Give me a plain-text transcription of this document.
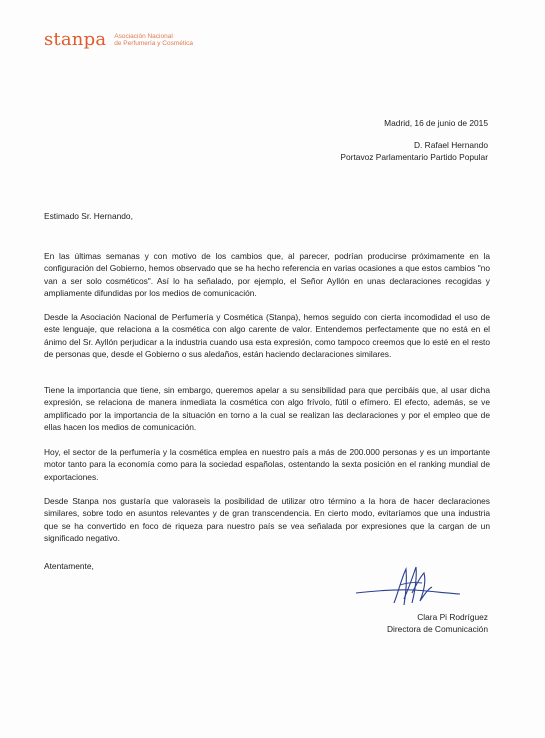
stanpa Asociación Nacional
de Perfumería y Cosmética
Madrid, 16 de junio de 2015
D. Rafael Hernando
Portavoz Parlamentario Partido Popular
Estimado Sr. Hernando,
En las últimas semanas y con motivo de los cambios que, al parecer, podrían producirse próximamente en la configuración del Gobierno, hemos observado que se ha hecho referencia en varias ocasiones a que estos cambios "no van a ser solo cosméticos". Así lo ha señalado, por ejemplo, el Señor Ayllón en unas declaraciones recogidas y ampliamente difundidas por los medios de comunicación.
Desde la Asociación Nacional de Perfumería y Cosmética (Stanpa), hemos seguido con cierta incomodidad el uso de este lenguaje, que relaciona a la cosmética con algo carente de valor. Entendemos perfectamente que no está en el ánimo del Sr. Ayllón perjudicar a la industria cuando usa esta expresión, como tampoco creemos que lo esté en el resto de personas que, desde el Gobierno o sus aledaños, están haciendo declaraciones similares.
Tiene la importancia que tiene, sin embargo, queremos apelar a su sensibilidad para que percibáis que, al usar dicha expresión, se relaciona de manera inmediata la cosmética con algo frívolo, fútil o efímero. El efecto, además, se ve amplificado por la importancia de la situación en torno a la cual se realizan las declaraciones y por el empleo que de ellas hacen los medios de comunicación.
Hoy, el sector de la perfumería y la cosmética emplea en nuestro país a más de 200.000 personas y es un importante motor tanto para la economía como para la sociedad españolas, ostentando la sexta posición en el ranking mundial de exportaciones.
Desde Stanpa nos gustaría que valoraseis la posibilidad de utilizar otro término a la hora de hacer declaraciones similares, sobre todo en asuntos relevantes y de gran transcendencia. En cierto modo, evitaríamos que una industria que se ha convertido en foco de riqueza para nuestro país se vea señalada por expresiones que la cargan de un significado negativo.
Atentamente,
Clara Pi Rodríguez
Directora de Comunicación
